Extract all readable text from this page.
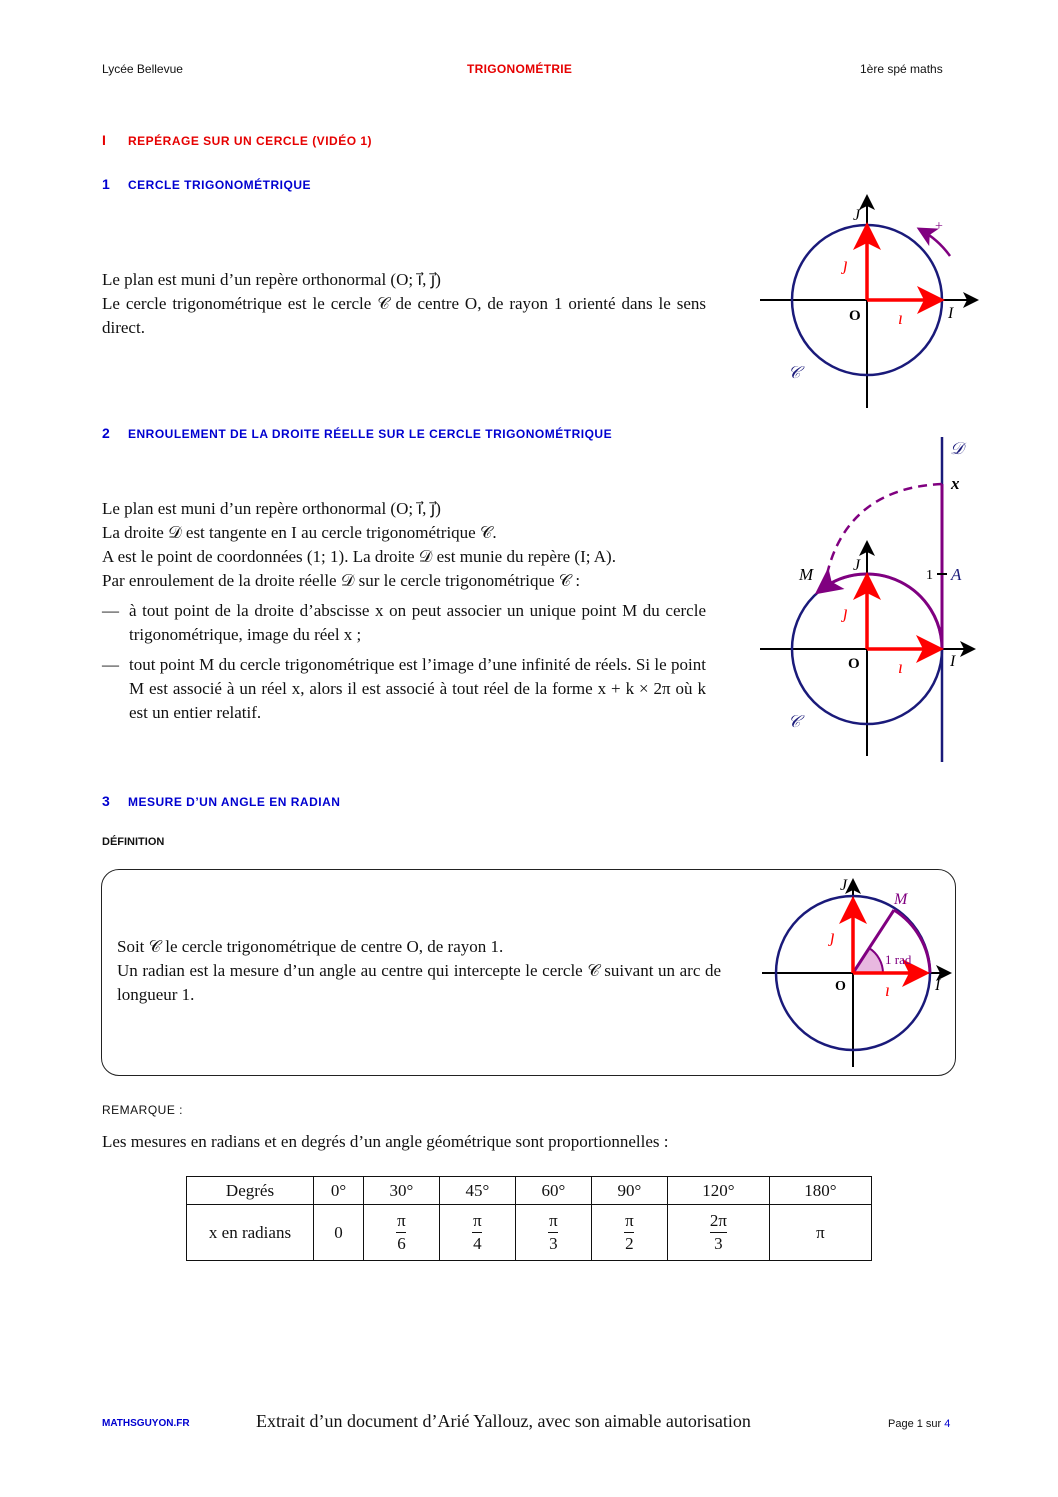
Lycée Bellevue	TRIGONOMÉTRIE	1ère spé maths
I REPÉRAGE SUR UN CERCLE (VIDÉO 1)
1 CERCLE TRIGONOMÉTRIQUE

Le plan est muni d’un repère orthonormal (O; i⃗, j⃗)

Le cercle trigonométrique est le cercle 𝒞 de centre O, de rayon 1 orienté dans le sens direct.

+
J
I
O ı⃗
ȷ⃗
𝒞
2 ENROULEMENT DE LA DROITE RÉELLE SUR LE CERCLE TRIGONOMÉTRIQUE

Le plan est muni d’un repère orthonormal (O; i⃗, j⃗)

La droite 𝒟 est tangente en I au cercle trigonométrique 𝒞.

A est le point de coordonnées (1; 1). La droite 𝒟 est munie du repère (I; A).

Par enroulement de la droite réelle 𝒟 sur le cercle trigonométrique 𝒞 :

— à tout point de la droite d’abscisse x on peut associer un unique point M du cercle trigonométrique, image du réel x ;
— tout point M du cercle trigonométrique est l’image d’une infinité de réels. Si le point M est associé à un réel x, alors il est associé à tout réel de la forme x + k × 2π où k est un entier relatif.
𝒟
x
1 A
M J
I
O ı⃗
ȷ⃗
𝒞
3 MESURE D’UN ANGLE EN RADIAN
DÉFINITION

Soit 𝒞 le cercle trigonométrique de centre O, de rayon 1.

Un radian est la mesure d’un angle au centre qui intercepte le cercle 𝒞 suivant un arc de longueur 1.

J
M
1 rad
O	I
ı⃗
ȷ⃗
REMARQUE :
Les mesures en radians et en degrés d’un angle géométrique sont proportionnelles :
Degrés	0°	30°	45°	60°	90°	120°	180°
x en radians	0	$\frac{\pi}{6}$	$\frac{\pi}{4}$	$\frac{\pi}{3}$	$\frac{\pi}{2}$	$\frac{2\pi}{3}$	π
MATHSGUYON.FR	Extrait d’un document d’Arié Yallouz, avec son aimable autorisation	Page 1 sur 4
